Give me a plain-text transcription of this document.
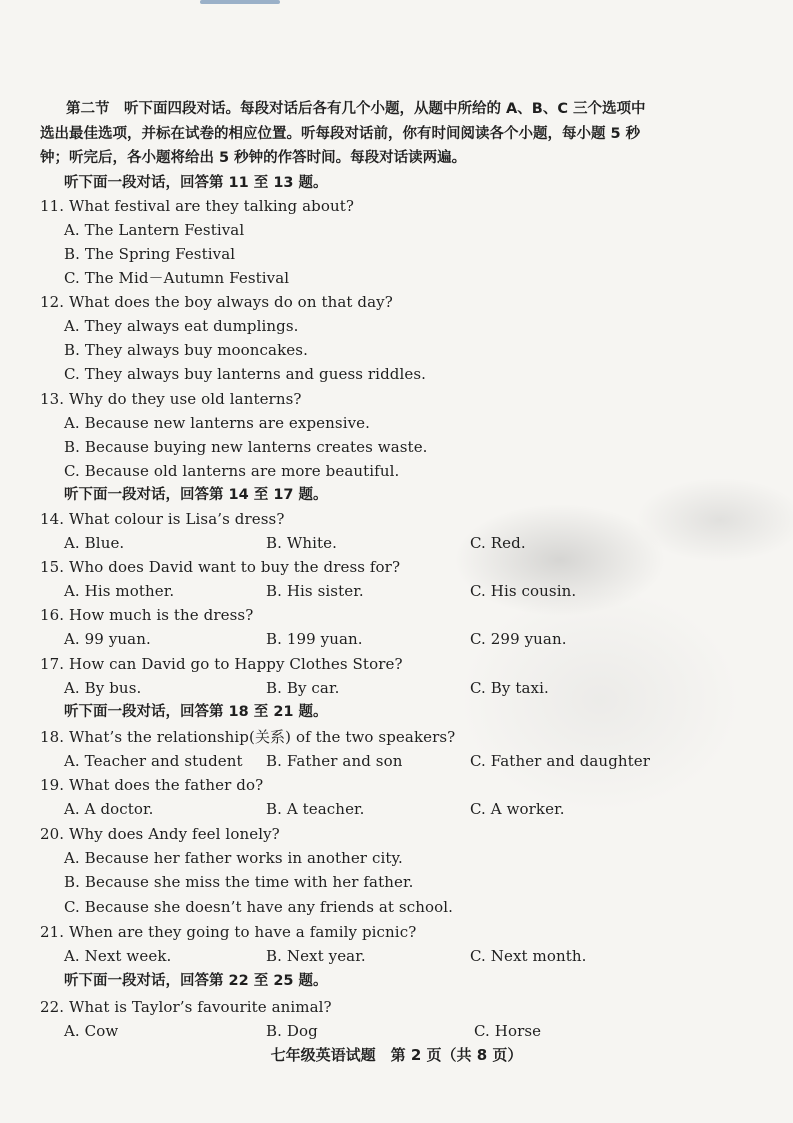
第二节　听下面四段对话。每段对话后各有几个小题，从题中所给的 A、B、C 三个选项中
选出最佳选项，并标在试卷的相应位置。听每段对话前，你有时间阅读各个小题，每小题 5 秒
钟；听完后，各小题将给出 5 秒钟的作答时间。每段对话读两遍。
听下面一段对话，回答第 11 至 13 题。
11. What festival are they talking about?
A. The Lantern Festival
B. The Spring Festival
C. The Mid－Autumn Festival
12. What does the boy always do on that day?
A. They always eat dumplings.
B. They always buy mooncakes.
C. They always buy lanterns and guess riddles.
13. Why do they use old lanterns?
A. Because new lanterns are expensive.
B. Because buying new lanterns creates waste.
C. Because old lanterns are more beautiful.
听下面一段对话，回答第 14 至 17 题。
14. What colour is Lisa’s dress?
A. Blue.	B. White.	C. Red.
15. Who does David want to buy the dress for?
A. His mother.	B. His sister.	C. His cousin.
16. How much is the dress?
A. 99 yuan.	B. 199 yuan.	C. 299 yuan.
17. How can David go to Happy Clothes Store?
A. By bus.	B. By car.	C. By taxi.
听下面一段对话，回答第 18 至 21 题。
18. What’s the relationship(关系) of the two speakers?
A. Teacher and student B. Father and son	C. Father and daughter
19. What does the father do?
A. A doctor.	B. A teacher.	C. A worker.
20. Why does Andy feel lonely?
A. Because her father works in another city.
B. Because she miss the time with her father.
C. Because she doesn’t have any friends at school.
21. When are they going to have a family picnic?
A. Next week.	B. Next year.	C. Next month.
听下面一段对话，回答第 22 至 25 题。
22. What is Taylor’s favourite animal?
A. Cow	B. Dog	C. Horse
七年级英语试题　第 2 页（共 8 页）
